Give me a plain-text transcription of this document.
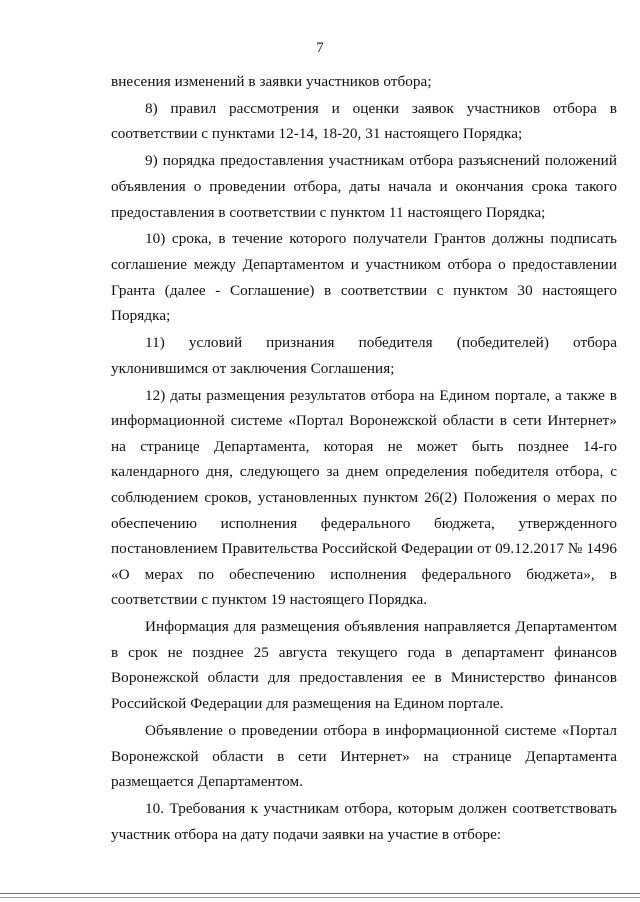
7

внесения изменений в заявки участников отбора;

8) правил рассмотрения и оценки заявок участников отбора в соответствии с пунктами 12-14, 18-20, 31 настоящего Порядка;

9) порядка предоставления участникам отбора разъяснений положений объявления о проведении отбора, даты начала и окончания срока такого предоставления в соответствии с пунктом 11 настоящего Порядка;

10) срока, в течение которого получатели Грантов должны подписать соглашение между Департаментом и участником отбора о предоставлении Гранта (далее - Соглашение) в соответствии с пунктом 30 настоящего Порядка;

11) условий признания победителя (победителей) отбора уклонившимся от заключения Соглашения;

12) даты размещения результатов отбора на Едином портале, а также в информационной системе «Портал Воронежской области в сети Интернет» на странице Департамента, которая не может быть позднее 14-го календарного дня, следующего за днем определения победителя отбора, с соблюдением сроков, установленных пунктом 26(2) Положения о мерах по обеспечению исполнения федерального бюджета, утвержденного постановлением Правительства Российской Федерации от 09.12.2017 № 1496 «О мерах по обеспечению исполнения федерального бюджета», в соответствии с пунктом 19 настоящего Порядка.

Информация для размещения объявления направляется Департаментом в срок не позднее 25 августа текущего года в департамент финансов Воронежской области для предоставления ее в Министерство финансов Российской Федерации для размещения на Едином портале.

Объявление о проведении отбора в информационной системе «Портал Воронежской области в сети Интернет» на странице Департамента размещается Департаментом.

10. Требования к участникам отбора, которым должен соответствовать участник отбора на дату подачи заявки на участие в отборе:
